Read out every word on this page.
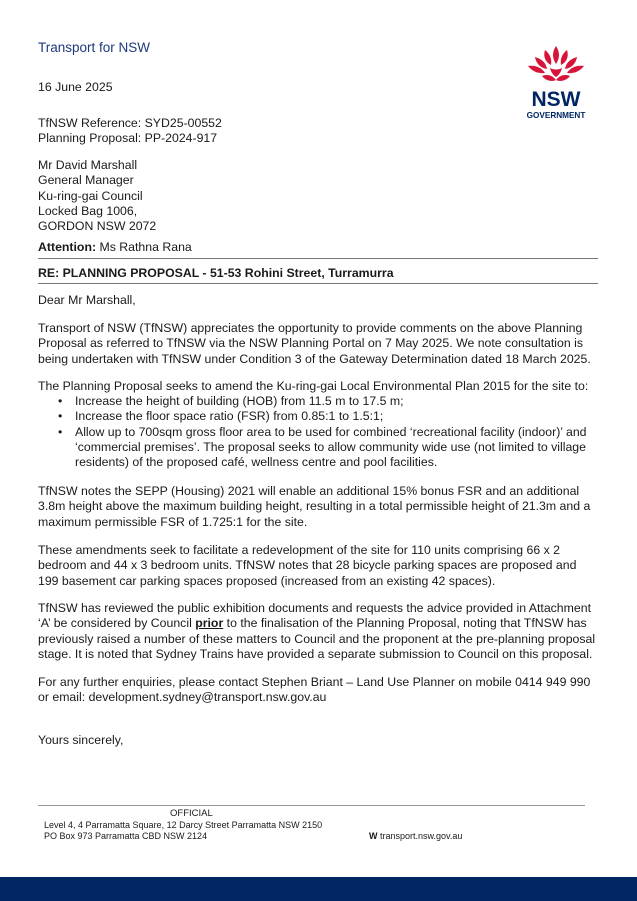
Transport for NSW
NSW
GOVERNMENT
16 June 2025
TfNSW Reference: SYD25-00552
Planning Proposal: PP-2024-917
Mr David Marshall
General Manager
Ku-ring-gai Council
Locked Bag 1006,
GORDON NSW 2072
Attention: Ms Rathna Rana
RE: PLANNING PROPOSAL - 51-53 Rohini Street, Turramurra
Dear Mr Marshall,
Transport of NSW (TfNSW) appreciates the opportunity to provide comments on the above Planning Proposal as referred to TfNSW via the NSW Planning Portal on 7 May 2025. We note consultation is being undertaken with TfNSW under Condition 3 of the Gateway Determination dated 18 March 2025.
The Planning Proposal seeks to amend the Ku-ring-gai Local Environmental Plan 2015 for the site to:
• Increase the height of building (HOB) from 11.5 m to 17.5 m;
• Increase the floor space ratio (FSR) from 0.85:1 to 1.5:1;
• Allow up to 700sqm gross floor area to be used for combined ‘recreational facility (indoor)’ and ‘commercial premises’. The proposal seeks to allow community wide use (not limited to village residents) of the proposed café, wellness centre and pool facilities.
TfNSW notes the SEPP (Housing) 2021 will enable an additional 15% bonus FSR and an additional 3.8m height above the maximum building height, resulting in a total permissible height of 21.3m and a maximum permissible FSR of 1.725:1 for the site.
These amendments seek to facilitate a redevelopment of the site for 110 units comprising 66 x 2 bedroom and 44 x 3 bedroom units. TfNSW notes that 28 bicycle parking spaces are proposed and 199 basement car parking spaces proposed (increased from an existing 42 spaces).
TfNSW has reviewed the public exhibition documents and requests the advice provided in Attachment ‘A’ be considered by Council prior to the finalisation of the Planning Proposal, noting that TfNSW has previously raised a number of these matters to Council and the proponent at the pre-planning proposal stage. It is noted that Sydney Trains have provided a separate submission to Council on this proposal.
For any further enquiries, please contact Stephen Briant – Land Use Planner on mobile 0414 949 990 or email: development.sydney@transport.nsw.gov.au
Yours sincerely,
OFFICIAL
Level 4, 4 Parramatta Square, 12 Darcy Street Parramatta NSW 2150
PO Box 973 Parramatta CBD NSW 2124	W transport.nsw.gov.au
